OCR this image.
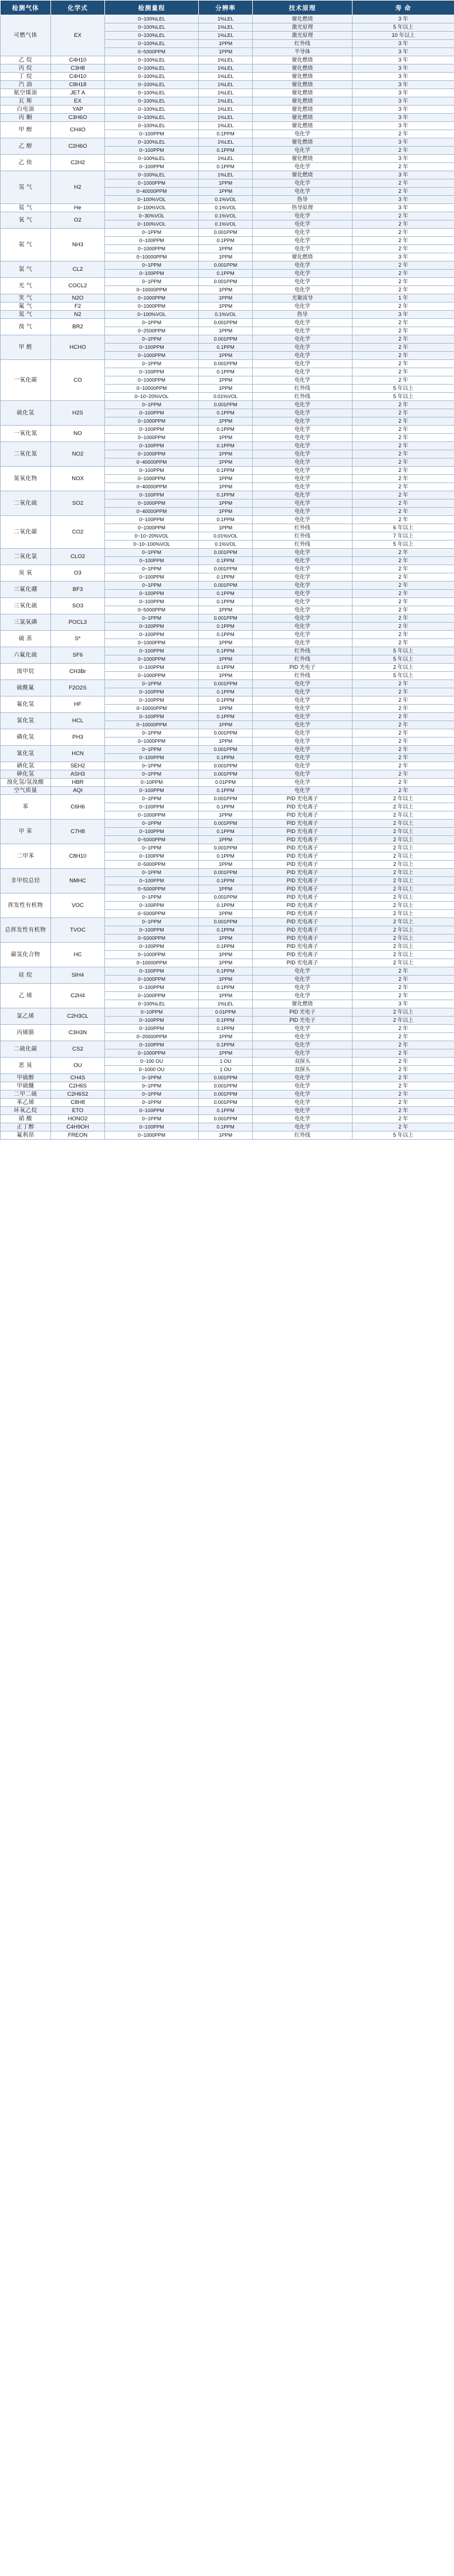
检测气体	化学式	检测量程	分辨率	技术原理	寿 命
可燃气体	EX	0~100%LEL	1%LEL	催化燃烧	3 年
		0~100%LEL	1%LEL	激光原理	5 年以上
		0~100%LEL	1%LEL	激光原理	10 年以上
		0~100%LEL	1PPM	红外线	3 年
		0~5000PPM	1PPM	半导体	3 年
乙 烷	C4H10	0~100%LEL	1%LEL	催化燃烧	3 年
丙 烷	C3H8	0~100%LEL	1%LEL	催化燃烧	3 年
丁 烷	C4H10	0~100%LEL	1%LEL	催化燃烧	3 年
汽 油	C8H18	0~100%LEL	1%LEL	催化燃烧	3 年
航空煤油	JET A	0~100%LEL	1%LEL	催化燃烧	3 年
瓦 斯	EX	0~100%LEL	1%LEL	催化燃烧	3 年
白电油	YAP	0~100%LEL	1%LEL	催化燃烧	3 年
丙 酮	C3H6O	0~100%LEL	1%LEL	催化燃烧	3 年
甲 醇	CH4O	0~100%LEL	1%LEL	催化燃烧	3 年
		0~100PPM	0.1PPM	电化学	2 年
乙 醇	C2H6O	0~100%LEL	1%LEL	催化燃烧	3 年
		0~100PPM	0.1PPM	电化学	2 年
乙 炔	C2H2	0~100%LEL	1%LEL	催化燃烧	3 年
		0~100PPM	0.1PPM	电化学	2 年
氢 气	H2	0~100%LEL	1%LEL	催化燃烧	3 年
		0~1000PPM	1PPM	电化学	2 年
		0~40000PPM	1PPM	电化学	2 年
		0~100%VOL	0.1%VOL	热导	3 年
氦 气	He	0~100%VOL	0.1%VOL	热导原理	3 年
氧 气	O2	0~30%VOL	0.1%VOL	电化学	2 年
		0~100%VOL	0.1%VOL	电化学	2 年
氨 气	NH3	0~1PPM	0.001PPM	电化学	2 年
		0~100PPM	0.1PPM	电化学	2 年
		0~1000PPM	1PPM	电化学	2 年
		0~10000PPM	1PPM	催化燃烧	3 年
氯 气	CL2	0~1PPM	0.001PPM	电化学	2 年
		0~100PPM	0.1PPM	电化学	2 年
光 气	COCL2	0~1PPM	0.001PPM	电化学	2 年
		0~10000PPM	1PPM	电化学	2 年
笑 气	N2O	0~1000PPM	1PPM	光聚波导	1 年
氟 气	F2	0~1000PPM	1PPM	电化学	2 年
氮 气	N2	0~100%VOL	0.1%VOL	热导	3 年
溴 气	BR2	0~1PPM	0.001PPM	电化学	2 年
		0~2500PPM	1PPM	电化学	2 年
甲 醛	HCHO	0~1PPM	0.001PPM	电化学	2 年
		0~100PPM	0.1PPM	电化学	2 年
		0~1000PPM	1PPM	电化学	2 年
一氧化碳	CO	0~1PPM	0.001PPM	电化学	2 年
		0~100PPM	0.1PPM	电化学	2 年
		0~1000PPM	1PPM	电化学	2 年
		0~10000PPM	1PPM	红外线	5 年以上
		0~10~20%VOL	0.01%VOL	红外线	5 年以上
硫化氢	H2S	0~1PPM	0.001PPM	电化学	2 年
		0~100PPM	0.1PPM	电化学	2 年
		0~1000PPM	1PPM	电化学	2 年
一氧化氮	NO	0~100PPM	0.1PPM	电化学	2 年
		0~1000PPM	1PPM	电化学	2 年
二氧化氮	NO2	0~100PPM	0.1PPM	电化学	2 年
		0~1000PPM	1PPM	电化学	2 年
		0~40000PPM	1PPM	电化学	2 年
氮氧化物	NOX	0~100PPM	0.1PPM	电化学	2 年
		0~1000PPM	1PPM	电化学	2 年
		0~40000PPM	1PPM	电化学	2 年
二氧化硫	SO2	0~100PPM	0.1PPM	电化学	2 年
		0~1000PPM	1PPM	电化学	2 年
		0~40000PPM	1PPM	电化学	2 年
二氧化碳	CO2	0~100PPM	0.1PPM	电化学	2 年
		0~1000PPM	1PPM	红外线	6 年以上
		0~10~20%VOL	0.01%VOL	红外线	7 年以上
		0~10~100%VOL	0.1%VOL	红外线	5 年以上
二氧化氯	CLO2	0~1PPM	0.001PPM	电化学	2 年
		0~100PPM	0.1PPM	电化学	2 年
臭 氧	O3	0~1PPM	0.001PPM	电化学	2 年
		0~100PPM	0.1PPM	电化学	2 年
三氟化硼	BF3	0~1PPM	0.001PPM	电化学	2 年
		0~100PPM	0.1PPM	电化学	2 年
三氧化硫	SO3	0~100PPM	0.1PPM	电化学	2 年
		0~5000PPM	1PPM	电化学	2 年
三氯氧磷	POCL3	0~1PPM	0.001PPM	电化学	2 年
		0~100PPM	0.1PPM	电化学	2 年
硫 蒸	S*	0~100PPM	0.1PPM	电化学	2 年
		0~1000PPM	1PPM	电化学	2 年
六氟化硫	SF6	0~100PPM	0.1PPM	红外线	5 年以上
		0~1000PPM	1PPM	红外线	5 年以上
溴甲烷	CH3Br	0~100PPM	0.1PPM	PID 光电子	2 年以上
		0~1000PPM	1PPM	红外线	5 年以上
硫酰氟	F2O2S	0~1PPM	0.001PPM	电化学	2 年
		0~100PPM	0.1PPM	电化学	2 年
氟化氢	HF	0~100PPM	0.1PPM	电化学	2 年
		0~10000PPM	1PPM	电化学	2 年
氯化氢	HCL	0~100PPM	0.1PPM	电化学	2 年
		0~10000PPM	1PPM	电化学	2 年
磷化氢	PH3	0~1PPM	0.001PPM	电化学	2 年
		0~1000PPM	1PPM	电化学	2 年
氰化氢	HCN	0~1PPM	0.001PPM	电化学	2 年
		0~100PPM	0.1PPM	电化学	2 年
硒化氢	SEH2	0~1PPM	0.001PPM	电化学	2 年
砷化氢	ASH3	0~1PPM	0.001PPM	电化学	2 年
溴化氢/氢溴酸	HBR	0~10PPM	0.01PPM	电化学	2 年
空气质量	AQI	0~100PPM	0.1PPM	电化学	2 年
苯	C6H6	0~1PPM	0.001PPM	PID 光电离子	2 年以上
		0~100PPM	0.1PPM	PID 光电离子	2 年以上
		0~1000PPM	1PPM	PID 光电离子	2 年以上
甲 苯	C7H8	0~1PPM	0.001PPM	PID 光电离子	2 年以上
		0~100PPM	0.1PPM	PID 光电离子	2 年以上
		0~5000PPM	1PPM	PID 光电离子	2 年以上
二甲苯	C8H10	0~1PPM	0.001PPM	PID 光电离子	2 年以上
		0~100PPM	0.1PPM	PID 光电离子	2 年以上
		0~5000PPM	1PPM	PID 光电离子	2 年以上
非甲烷总烃	NMHC	0~1PPM	0.001PPM	PID 光电离子	2 年以上
		0~100PPM	0.1PPM	PID 光电离子	2 年以上
		0~5000PPM	1PPM	PID 光电离子	2 年以上
挥发性有机物	VOC	0~1PPM	0.001PPM	PID 光电离子	2 年以上
		0~100PPM	0.1PPM	PID 光电离子	2 年以上
		0~5000PPM	1PPM	PID 光电离子	2 年以上
总挥发性有机物	TVOC	0~1PPM	0.001PPM	PID 光电离子	2 年以上
		0~100PPM	0.1PPM	PID 光电离子	2 年以上
		0~5000PPM	1PPM	PID 光电离子	2 年以上
碳氢化合物	HC	0~100PPM	0.1PPM	PID 光电离子	2 年以上
		0~1000PPM	1PPM	PID 光电离子	2 年以上
		0~10000PPM	1PPM	PID 光电离子	2 年以上
硅 烷	SIH4	0~100PPM	0.1PPM	电化学	2 年
		0~1000PPM	1PPM	电化学	2 年
乙 烯	C2H4	0~100PPM	0.1PPM	电化学	2 年
		0~1000PPM	1PPM	电化学	2 年
		0~100%LEL	1%LEL	催化燃烧	3 年
氯乙烯	C2H3CL	0~10PPM	0.01PPM	PID 光电子	2 年以上
		0~100PPM	0.1PPM	PID 光电子	2 年以上
丙烯腈	C3H3N	0~100PPM	0.1PPM	电化学	2 年
		0~20000PPM	1PPM	电化学	2 年
二硫化碳	CS2	0~100PPM	0.1PPM	电化学	2 年
		0~1000PPM	1PPM	电化学	2 年
恶 臭	OU	0~100 OU	1 OU	双探头	2 年
		0~1000 OU	1 OU	双探头	2 年
甲硫醇	CH4S	0~1PPM	0.001PPM	电化学	2 年
甲硫醚	C2H6S	0~1PPM	0.001PPM	电化学	2 年
二甲二硫	C2H6S2	0~1PPM	0.001PPM	电化学	2 年
苯乙烯	C8H8	0~1PPM	0.001PPM	电化学	2 年
环氧乙烷	ETO	0~100PPM	0.1PPM	电化学	2 年
硝 酸	HONO2	0~1PPM	0.001PPM	电化学	2 年
正丁醇	C4H9OH	0~100PPM	0.1PPM	电化学	2 年
氟利昂	FREON	0~1000PPM	1PPM	红外线	5 年以上
